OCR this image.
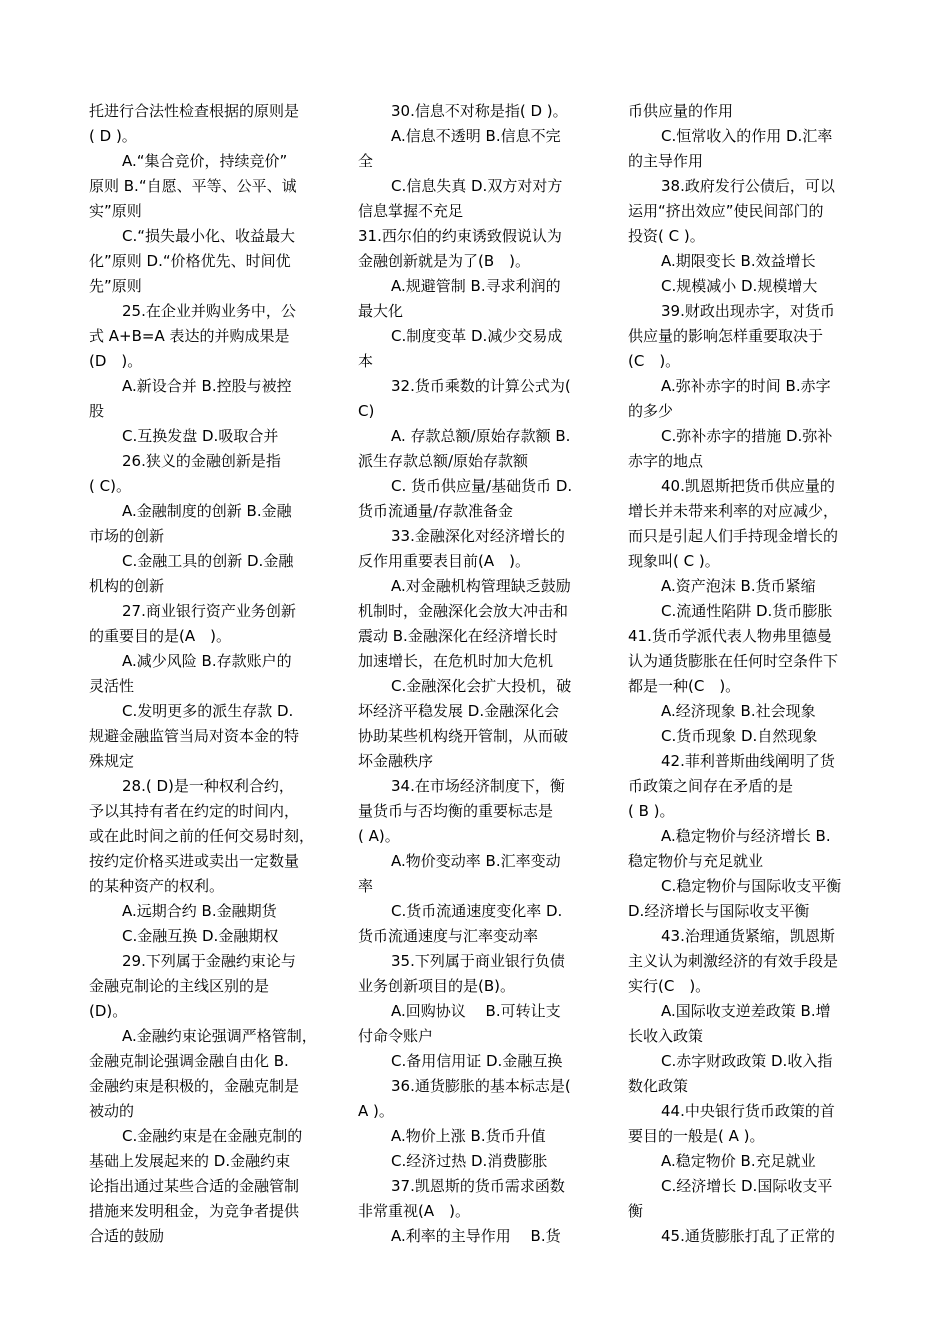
托进行合法性检查根据的原则是
( D )。
A.“集合竞价，持续竞价”
原则 B.“自愿、平等、公平、诚
实”原则
C.“损失最小化、收益最大
化”原则 D.“价格优先、时间优
先”原则
25.在企业并购业务中，公
式 A+B=A 表达的并购成果是
(D　)。
A.新设合并 B.控股与被控
股
C.互换发盘 D.吸取合并
26.狭义的金融创新是指
( C)。
A.金融制度的创新 B.金融
市场的创新
C.金融工具的创新 D.金融
机构的创新
27.商业银行资产业务创新
的重要目的是(A　)。
A.减少风险 B.存款账户的
灵活性
C.发明更多的派生存款 D.
规避金融监管当局对资本金的特
殊规定
28.( D)是一种权利合约，
予以其持有者在约定的时间内，
或在此时间之前的任何交易时刻，
按约定价格买进或卖出一定数量
的某种资产的权利。
A.远期合约 B.金融期货
C.金融互换 D.金融期权
29.下列属于金融约束论与
金融克制论的主线区别的是
(D)。
A.金融约束论强调严格管制，
金融克制论强调金融自由化 B.
金融约束是积极的，金融克制是
被动的
C.金融约束是在金融克制的
基础上发展起来的 D.金融约束
论指出通过某些合适的金融管制
措施来发明租金，为竞争者提供
合适的鼓励
30.信息不对称是指( D )。
A.信息不透明 B.信息不完
全
C.信息失真 D.双方对对方
信息掌握不充足
31.西尔伯的约束诱致假说认为
金融创新就是为了(B　)。
A.规避管制 B.寻求利润的
最大化
C.制度变革 D.减少交易成
本
32.货币乘数的计算公式为(
C)
A. 存款总额/原始存款额 B.
派生存款总额/原始存款额
C. 货币供应量/基础货币 D.
货币流通量/存款准备金
33.金融深化对经济增长的
反作用重要表目前(A　)。
A.对金融机构管理缺乏鼓励
机制时，金融深化会放大冲击和
震动 B.金融深化在经济增长时
加速增长，在危机时加大危机
C.金融深化会扩大投机，破
坏经济平稳发展 D.金融深化会
协助某些机构绕开管制，从而破
坏金融秩序
34.在市场经济制度下，衡
量货币与否均衡的重要标志是
( A)。
A.物价变动率 B.汇率变动
率
C.货币流通速度变化率 D.
货币流通速度与汇率变动率
35.下列属于商业银行负债
业务创新项目的是(B)。
A.回购协议　 B.可转让支
付命令账户
C.备用信用证 D.金融互换
36.通货膨胀的基本标志是(
A )。
A.物价上涨 B.货币升值
C.经济过热 D.消费膨胀
37.凯恩斯的货币需求函数
非常重视(A　)。
A.利率的主导作用　 B.货
币供应量的作用
C.恒常收入的作用 D.汇率
的主导作用
38.政府发行公债后，可以
运用“挤出效应”使民间部门的
投资( C )。
A.期限变长 B.效益增长
C.规模减小 D.规模增大
39.财政出现赤字，对货币
供应量的影响怎样重要取决于
(C　)。
A.弥补赤字的时间 B.赤字
的多少
C.弥补赤字的措施 D.弥补
赤字的地点
40.凯恩斯把货币供应量的
增长并未带来利率的对应减少，
而只是引起人们手持现金增长的
现象叫( C )。
A.资产泡沫 B.货币紧缩
C.流通性陷阱 D.货币膨胀
41.货币学派代表人物弗里德曼
认为通货膨胀在任何时空条件下
都是一种(C　)。
A.经济现象 B.社会现象
C.货币现象 D.自然现象
42.菲利普斯曲线阐明了货
币政策之间存在矛盾的是
( B )。
A.稳定物价与经济增长 B.
稳定物价与充足就业
C.稳定物价与国际收支平衡
D.经济增长与国际收支平衡
43.治理通货紧缩，凯恩斯
主义认为刺激经济的有效手段是
实行(C　)。
A.国际收支逆差政策 B.增
长收入政策
C.赤字财政政策 D.收入指
数化政策
44.中央银行货币政策的首
要目的一般是( A )。
A.稳定物价 B.充足就业
C.经济增长 D.国际收支平
衡
45.通货膨胀打乱了正常的
